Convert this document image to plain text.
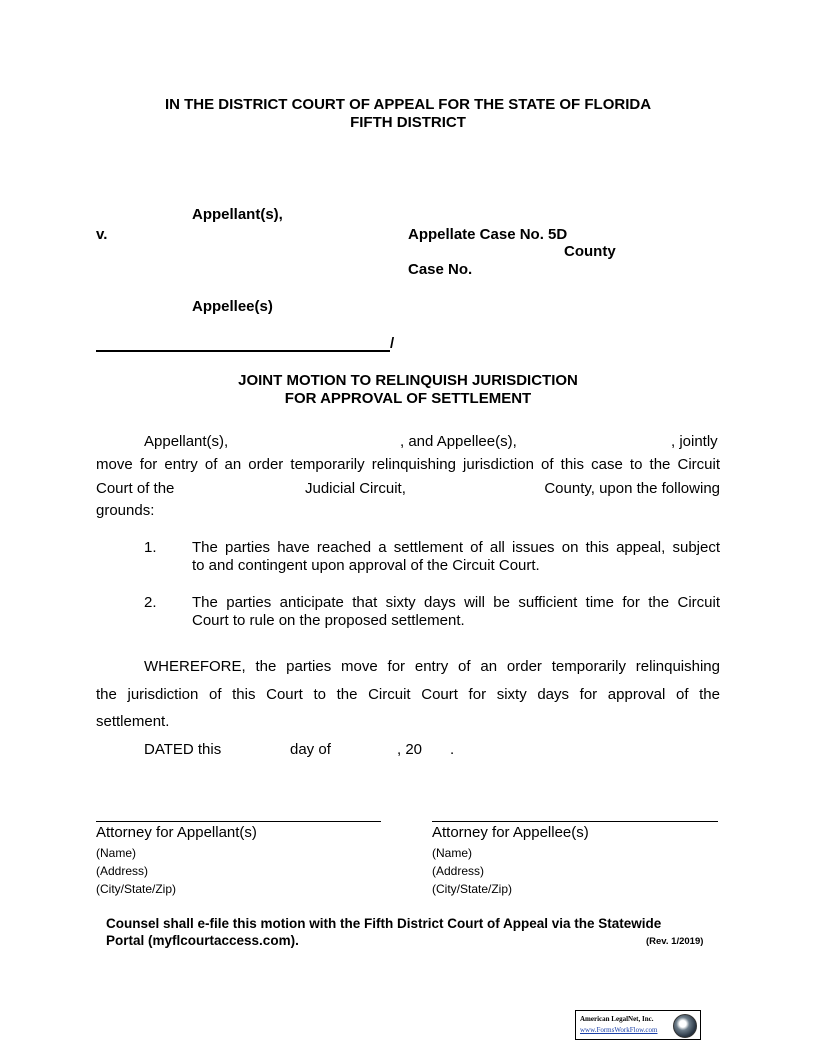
IN THE DISTRICT COURT OF APPEAL FOR THE STATE OF FLORIDA
FIFTH DISTRICT
Appellant(s),
v.	Appellate Case No. 5D
County
Case No.
Appellee(s)
/
JOINT MOTION TO RELINQUISH JURISDICTION
FOR APPROVAL OF SETTLEMENT
Appellant(s),	, and Appellee(s),	, jointly
move for entry of an order temporarily relinquishing jurisdiction of this case to the Circuit
Court of the	Judicial Circuit,	County, upon the following
grounds:
1. The parties have reached a settlement of all issues on this appeal, subject
to and contingent upon approval of the Circuit Court.
2. The parties anticipate that sixty days will be sufficient time for the Circuit
Court to rule on the proposed settlement.
WHEREFORE, the parties move for entry of an order temporarily relinquishing
the jurisdiction of this Court to the Circuit Court for sixty days for approval of the
settlement.
DATED this	day of	, 20 .
Attorney for Appellant(s)
(Name)
(Address)
(City/State/Zip)
Attorney for Appellee(s)
(Name)
(Address)
(City/State/Zip)
Counsel shall e-file this motion with the Fifth District Court of Appeal via the Statewide
Portal (myflcourtaccess.com).	(Rev. 1/2019)
American LegalNet, Inc.
www.FormsWorkFlow.com
